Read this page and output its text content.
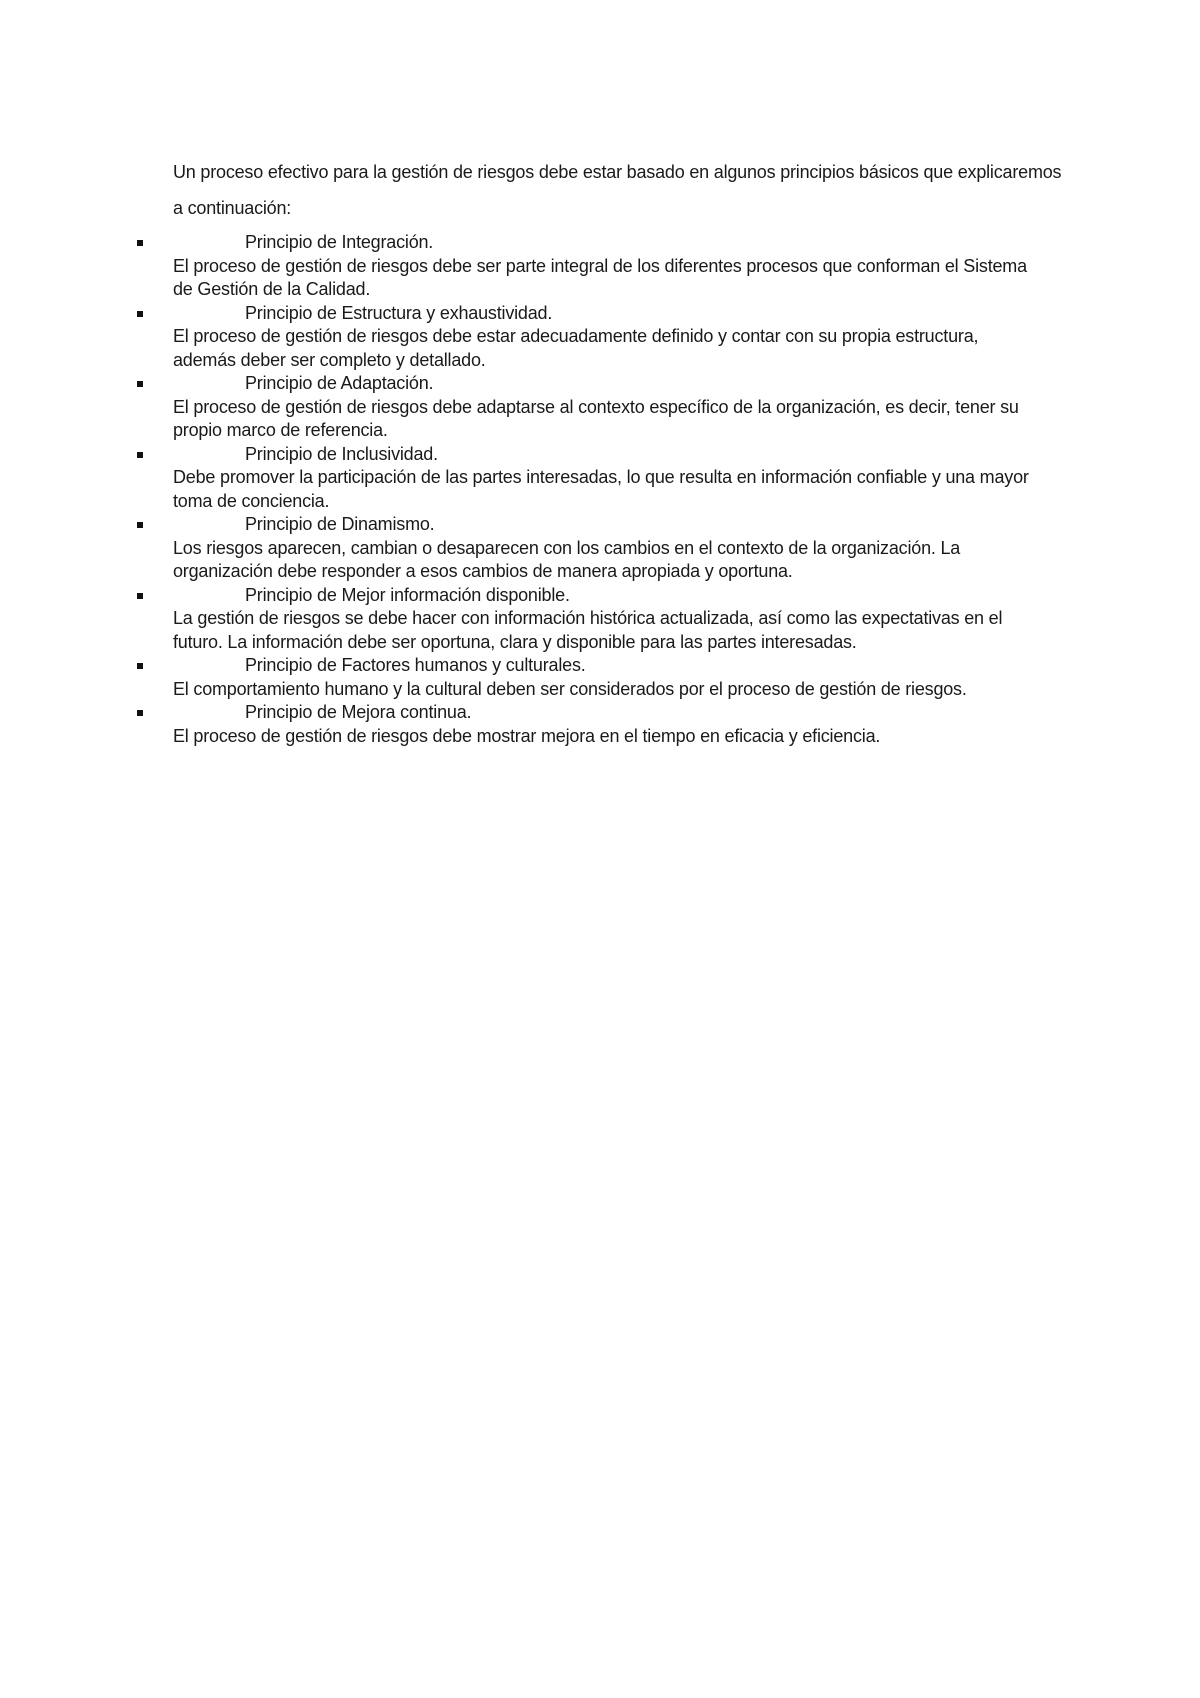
Un proceso efectivo para la gestión de riesgos debe estar basado en algunos principios básicos que explicaremos a continuación:

Principio de Integración.
El proceso de gestión de riesgos debe ser parte integral de los diferentes procesos que conforman el Sistema de Gestión de la Calidad.
Principio de Estructura y exhaustividad.
El proceso de gestión de riesgos debe estar adecuadamente definido y contar con su propia estructura, además deber ser completo y detallado.
Principio de Adaptación.
El proceso de gestión de riesgos debe adaptarse al contexto específico de la organización, es decir, tener su propio marco de referencia.
Principio de Inclusividad.
Debe promover la participación de las partes interesadas, lo que resulta en información confiable y una mayor toma de conciencia.
Principio de Dinamismo.
Los riesgos aparecen, cambian o desaparecen con los cambios en el contexto de la organización. La organización debe responder a esos cambios de manera apropiada y oportuna.
Principio de Mejor información disponible.
La gestión de riesgos se debe hacer con información histórica actualizada, así como las expectativas en el futuro. La información debe ser oportuna, clara y disponible para las partes interesadas.
Principio de Factores humanos y culturales.
El comportamiento humano y la cultural deben ser considerados por el proceso de gestión de riesgos.
Principio de Mejora continua.
El proceso de gestión de riesgos debe mostrar mejora en el tiempo en eficacia y eficiencia.
